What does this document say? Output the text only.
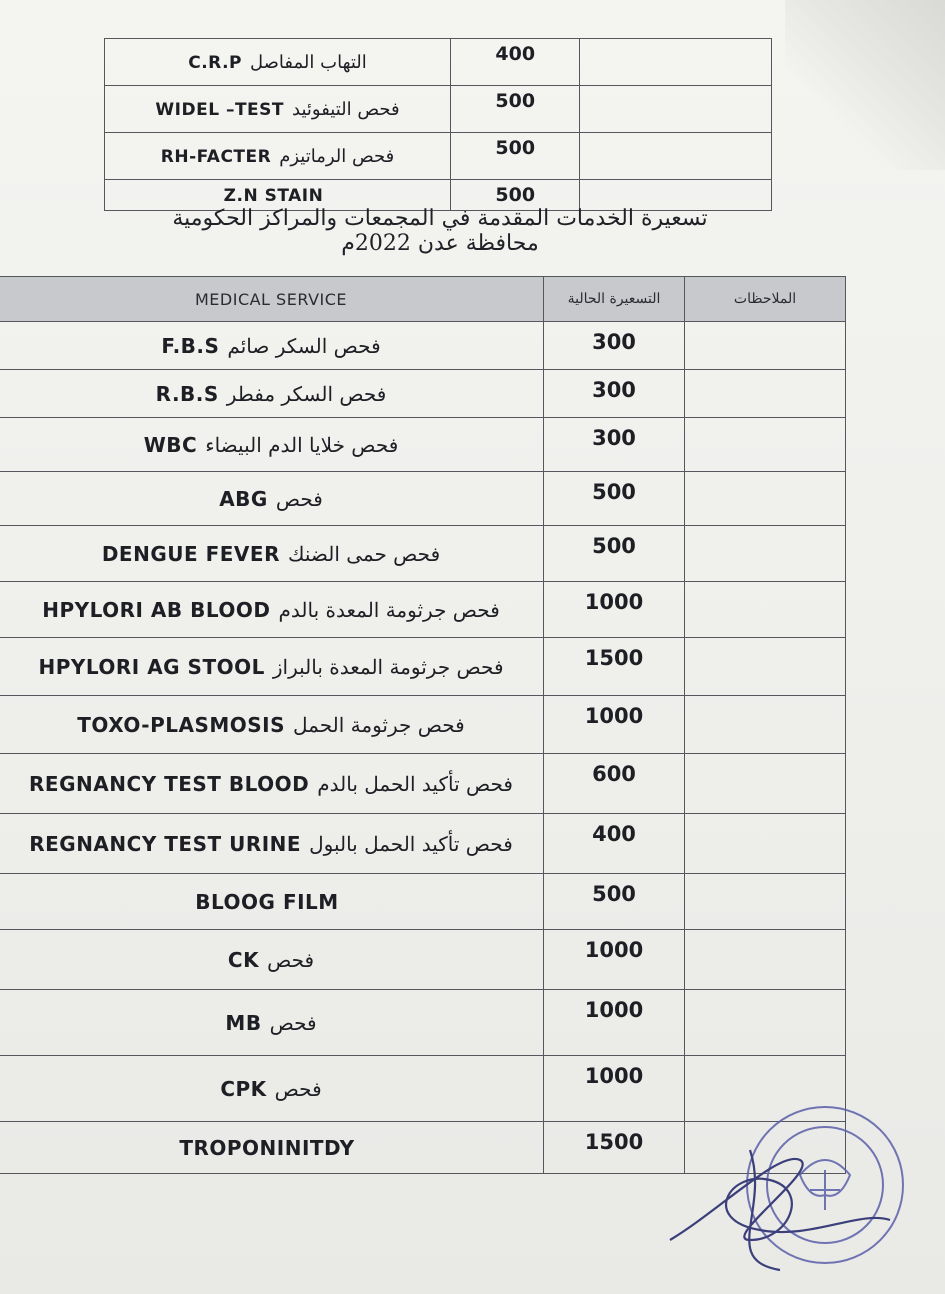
C.R.P التهاب المفاصل	400	
WIDEL –TEST فحص التيفوئيد	500	
RH-FACTER فحص الرماتيزم	500	
Z.N STAIN	500	
تسعيرة الخدمات المقدمة في المجمعات والمراكز الحكومية محافظة عدن 2022م
MEDICAL SERVICE	التسعيرة الحالية	الملاحظات
F.B.S فحص السكر صائم	300	
R.B.S فحص السكر مفطر	300	
WBC فحص خلايا الدم البيضاء	300	
ABG فحص	500	
DENGUE FEVER فحص حمى الضنك	500	
HPYLORI AB BLOOD فحص جرثومة المعدة بالدم	1000	
HPYLORI AG STOOL فحص جرثومة المعدة بالبراز	1500	
TOXO-PLASMOSIS فحص جرثومة الحمل	1000	
REGNANCY TEST BLOOD فحص تأكيد الحمل بالدم	600	
REGNANCY TEST URINE فحص تأكيد الحمل بالبول	400	
BLOOG FILM	500	
CK فحص	1000	
MB فحص	1000	
CPK فحص	1000	
TROPONINITDY	1500	
